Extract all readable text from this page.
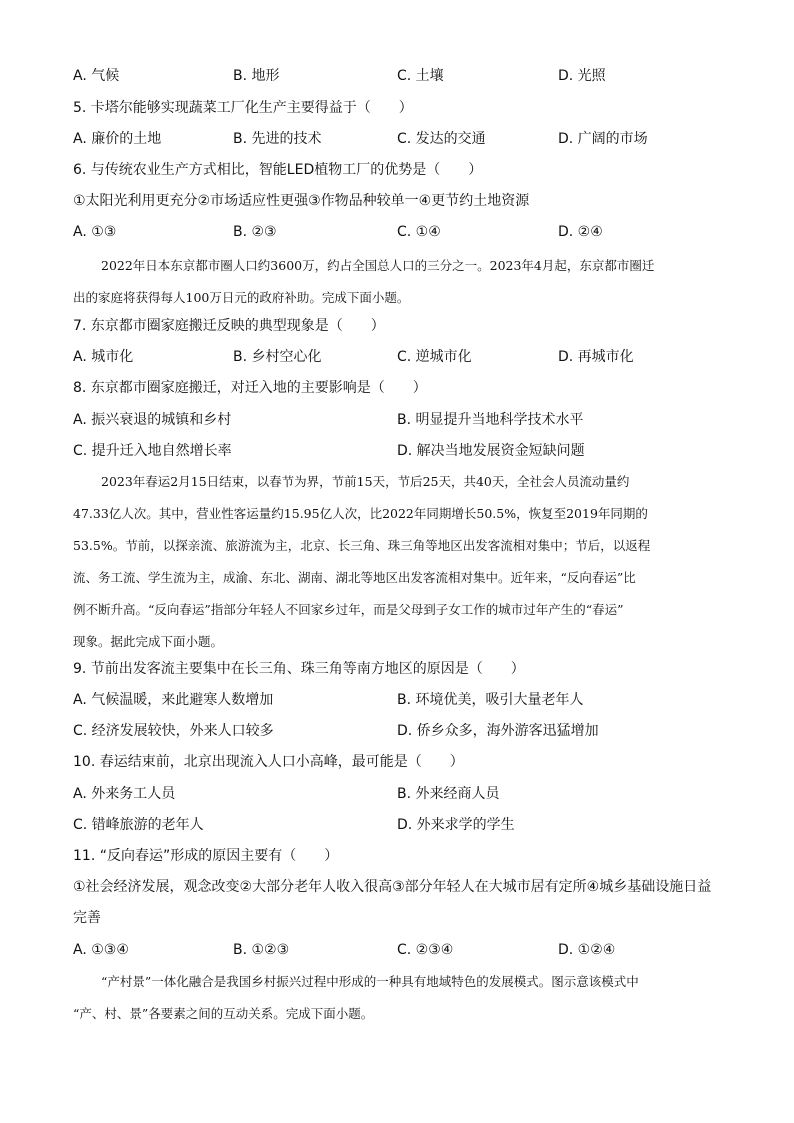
A. 气候	B. 地形	C. 土壤	D. 光照
5. 卡塔尔能够实现蔬菜工厂化生产主要得益于（　　）
A. 廉价的土地	B. 先进的技术	C. 发达的交通	D. 广阔的市场
6. 与传统农业生产方式相比，智能LED植物工厂的优势是（　　）
①太阳光利用更充分②市场适应性更强③作物品种较单一④更节约土地资源
A. ①③	B. ②③	C. ①④	D. ②④
2022年日本东京都市圈人口约3600万，约占全国总人口的三分之一。2023年4月起，东京都市圈迁
出的家庭将获得每人100万日元的政府补助。完成下面小题。
7. 东京都市圈家庭搬迁反映的典型现象是（　　）
A. 城市化	B. 乡村空心化	C. 逆城市化	D. 再城市化
8. 东京都市圈家庭搬迁，对迁入地的主要影响是（　　）
A. 振兴衰退的城镇和乡村	B. 明显提升当地科学技术水平
C. 提升迁入地自然增长率	D. 解决当地发展资金短缺问题
2023年春运2月15日结束，以春节为界，节前15天，节后25天，共40天，全社会人员流动量约
47.33亿人次。其中，营业性客运量约15.95亿人次，比2022年同期增长50.5%，恢复至2019年同期的
53.5%。节前，以探亲流、旅游流为主，北京、长三角、珠三角等地区出发客流相对集中；节后，以返程
流、务工流、学生流为主，成渝、东北、湖南、湖北等地区出发客流相对集中。近年来，“反向春运”比
例不断升高。“反向春运”指部分年轻人不回家乡过年，而是父母到子女工作的城市过年产生的“春运”
现象。据此完成下面小题。
9. 节前出发客流主要集中在长三角、珠三角等南方地区的原因是（　　）
A. 气候温暖，来此避寒人数增加	B. 环境优美，吸引大量老年人
C. 经济发展较快，外来人口较多	D. 侨乡众多，海外游客迅猛增加
10. 春运结束前，北京出现流入人口小高峰，最可能是（　　）
A. 外来务工人员	B. 外来经商人员
C. 错峰旅游的老年人	D. 外来求学的学生
11. “反向春运”形成的原因主要有（　　）
①社会经济发展，观念改变②大部分老年人收入很高③部分年轻人在大城市居有定所④城乡基础设施日益
完善
A. ①③④	B. ①②③	C. ②③④	D. ①②④
“产村景”一体化融合是我国乡村振兴过程中形成的一种具有地域特色的发展模式。图示意该模式中
“产、村、景”各要素之间的互动关系。完成下面小题。
